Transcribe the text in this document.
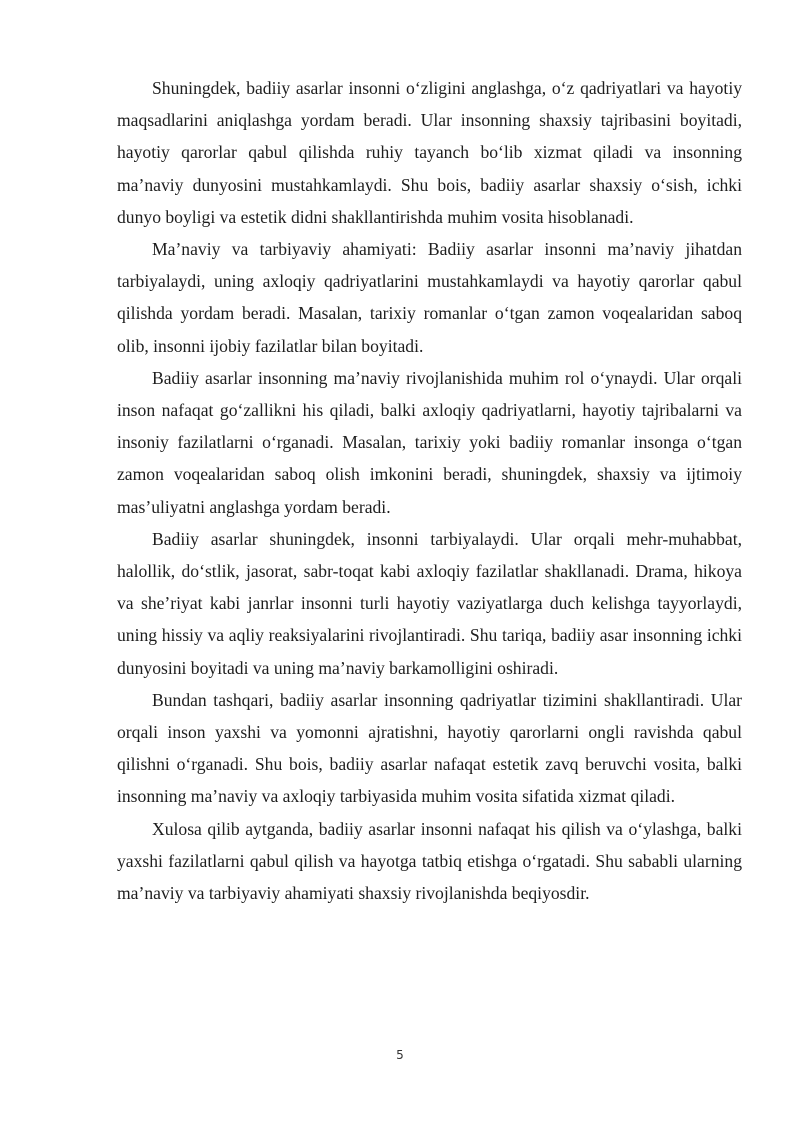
Shuningdek, badiiy asarlar insonni o‘zligini anglashga, o‘z qadriyatlari va hayotiy maqsadlarini aniqlashga yordam beradi. Ular insonning shaxsiy tajribasini boyitadi, hayotiy qarorlar qabul qilishda ruhiy tayanch bo‘lib xizmat qiladi va insonning ma’naviy dunyosini mustahkamlaydi. Shu bois, badiiy asarlar shaxsiy o‘sish, ichki dunyo boyligi va estetik didni shakllantirishda muhim vosita hisoblanadi.

Ma’naviy va tarbiyaviy ahamiyati: Badiiy asarlar insonni ma’naviy jihatdan tarbiyalaydi, uning axloqiy qadriyatlarini mustahkamlaydi va hayotiy qarorlar qabul qilishda yordam beradi. Masalan, tarixiy romanlar o‘tgan zamon voqealaridan saboq olib, insonni ijobiy fazilatlar bilan boyitadi.

Badiiy asarlar insonning ma’naviy rivojlanishida muhim rol o‘ynaydi. Ular orqali inson nafaqat go‘zallikni his qiladi, balki axloqiy qadriyatlarni, hayotiy tajribalarni va insoniy fazilatlarni o‘rganadi. Masalan, tarixiy yoki badiiy romanlar insonga o‘tgan zamon voqealaridan saboq olish imkonini beradi, shuningdek, shaxsiy va ijtimoiy mas’uliyatni anglashga yordam beradi.

Badiiy asarlar shuningdek, insonni tarbiyalaydi. Ular orqali mehr-muhabbat, halollik, do‘stlik, jasorat, sabr-toqat kabi axloqiy fazilatlar shakllanadi. Drama, hikoya va she’riyat kabi janrlar insonni turli hayotiy vaziyatlarga duch kelishga tayyorlaydi, uning hissiy va aqliy reaksiyalarini rivojlantiradi. Shu tariqa, badiiy asar insonning ichki dunyosini boyitadi va uning ma’naviy barkamolligini oshiradi.

Bundan tashqari, badiiy asarlar insonning qadriyatlar tizimini shakllantiradi. Ular orqali inson yaxshi va yomonni ajratishni, hayotiy qarorlarni ongli ravishda qabul qilishni o‘rganadi. Shu bois, badiiy asarlar nafaqat estetik zavq beruvchi vosita, balki insonning ma’naviy va axloqiy tarbiyasida muhim vosita sifatida xizmat qiladi.

Xulosa qilib aytganda, badiiy asarlar insonni nafaqat his qilish va o‘ylashga, balki yaxshi fazilatlarni qabul qilish va hayotga tatbiq etishga o‘rgatadi. Shu sababli ularning ma’naviy va tarbiyaviy ahamiyati shaxsiy rivojlanishda beqiyosdir.

5
